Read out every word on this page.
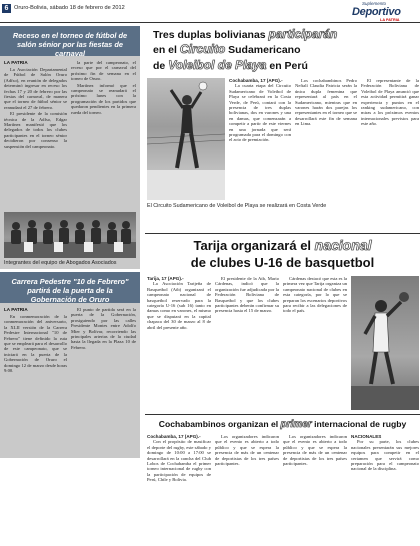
6 Oruro-Bolivia, sábado 18 de febrero de 2012
Suplemento
Deportivo
LA PATRIA
Receso en el torneo de fútbol de salón sénior por las fiestas de carnaval
LA PATRIA

La Asociación Departamental de Fútbol de Salón Oruro (Adfso), en reunión de delegados determinó ingresar en receso los fechas 17 y 20 de febrero por las fiestas del carnaval, de manera que el torneo de fútbol sénior se reanudará el 27 de febrero.

El presidente de la comisión técnica de la Adfso, Edgar Martínez manifestó que los delegados de todos los clubes participantes en el torneo sénior decidieron por consenso la suspensión del campeonato.

la parte del campeonato, el receso que por el carnaval del próximo fin de semana en el torneo de Oruro.

Martínez informó que el campeonato se reanudará el próximo lunes con la programación de los partidos que quedaron pendientes en la primera rueda del torneo.

Integrantes del equipo de Abogados Asociados
Carrera Pedestre "10 de Febrero" partirá de la puerta de la Gobernación de Oruro
LA PATRIA

En conmemoración de la conmemoración del aniversario, la XLII versión de la Carrera Pedestre Internacional "10 de Febrero" tiene definido la ruta que se empleará para el desarrollo de este campeonato, que se iniciará en la puerta de la Gobernación de Oruro el domingo 12 de marzo desde horas 9:00.

El punto de partida será en la puerta de la Gobernación, prosiguiendo por las calles Presidente Montes entre Adolfo Mier y Bolívar, recorriendo las principales arterias de la ciudad hasta la llegada en la Plaza 10 de Febrero.

Tres duplas bolivianas participarán
en el Circuito Sudamericano
de Voleibol de Playa en Perú
Cochabamba, 17 (APG).-

La cuarta etapa del Circuito Sudamericano de Voleibol de Playa se celebrará en la Costa Verde, de Perú, contará con la presencia de tres duplas bolivianas, dos en varones y una en damas, que comenzarán a competir a partir de este viernes en una jornada que será programada para el domingo con el acto de premiación.

Los cochabambinos Pedro Neftalí Claudia Patricia serán la única dupla femenina que representará al país en el Sudamericano, mientras que en varones harán dos parejas los representantes en el torneo que se desarrollará este fin de semana en Lima.

El representante de la Federación Boliviana de Voleibol de Playa anunció que esta actividad permitirá ganar experiencia y puntos en el ranking sudamericano, con miras a los próximos eventos internacionales previstos para este año.

El Circuito Sudamericano de Voleibol de Playa se realizará en Costa Verde
Tarija organizará el nacional
de clubes U-16 de basquetbol
Tarija, 17 (APG).-

La Asociación Tarijeña de Basquetbol (Atb) organizará el campeonato nacional de basquetbol reservado para la categoría U-16 (sub 16) tanto en damas como en varones, el mismo que se disputará en la capital chapaca del 30 de marzo al 8 de abril del presente año.

El presidente de la Atb, Mario Cárdenas, indicó que la organización fue adjudicada por la Federación Boliviana de Basquetbol y que los clubes participantes deberán confirmar su presencia hasta el 15 de marzo.

Cárdenas destacó que esta es la primera vez que Tarija organiza un campeonato nacional de clubes en esta categoría, por lo que se preparan los escenarios deportivos para recibir a las delegaciones de todo el país.

Cochabambinos organizan el primer internacional de rugby
Cochabamba, 17 (APG).-

Con el propósito de masificar el deporte del rugby, este sábado y domingo de 10:00 a 17:00 se desarrollará en la cancha del Club Lobos de Cochabamba el primer torneo internacional de rugby con la participación de equipos de Perú, Chile y Bolivia.

Los organizadores indicaron que el evento es abierto a todo público y que se espera la presencia de más de un centenar de deportistas de los tres países participantes.

Los organizadores indicaron que el evento es abierto a todo público y que se espera la presencia de más de un centenar de deportistas de los tres países participantes.

NACIONALES

Por su parte, los clubes nacionales presentarán sus mejores equipos para competir en el certamen que servirá como preparación para el campeonato nacional de la disciplina.
